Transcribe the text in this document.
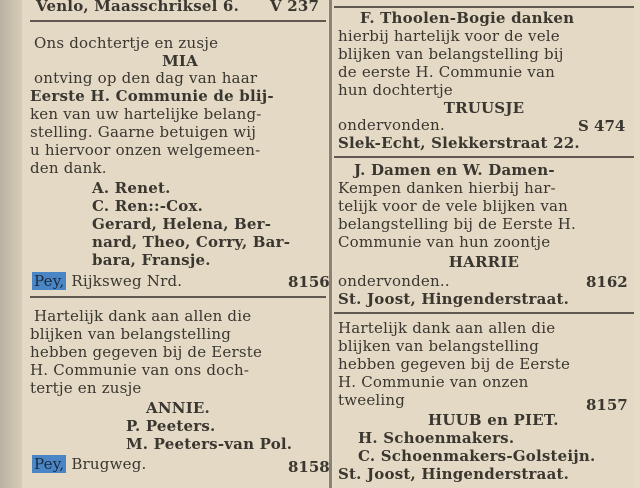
Venlo, Maasschriksel 6. V 237
Ons dochtertje en zusje
MIA
ontving op den dag van haar
Eerste H. Communie de blij-
ken van uw hartelijke belang-
stelling. Gaarne betuigen wij
u hiervoor onzen welgemeen-
den dank.
A. Renet.
C. Ren::-Cox.
Gerard, Helena, Ber-
nard, Theo, Corry, Bar-
bara, Fransje.
Pey, Rijksweg Nrd.	8156
Hartelijk dank aan allen die
blijken van belangstelling
hebben gegeven bij de Eerste
H. Communie van ons doch-
tertje en zusje
ANNIE.
P. Peeters.
M. Peeters-van Pol.
Pey, Brugweg.	8158
F. Thoolen-Bogie danken
hierbij hartelijk voor de vele
blijken van belangstelling bij
de eerste H. Communie van
hun dochtertje
TRUUSJE
ondervonden.	S 474
Slek-Echt, Slekkerstraat 22.
J. Damen en W. Damen-
Kempen danken hierbij har-
telijk voor de vele blijken van
belangstelling bij de Eerste H.
Communie van hun zoontje
HARRIE
ondervonden..	8162
St. Joost, Hingenderstraat.
Hartelijk dank aan allen die
blijken van belangstelling
hebben gegeven bij de Eerste
H. Communie van onzen
tweeling	8157
HUUB en PIET.
H. Schoenmakers.
C. Schoenmakers-Golsteijn.
St. Joost, Hingenderstraat.
